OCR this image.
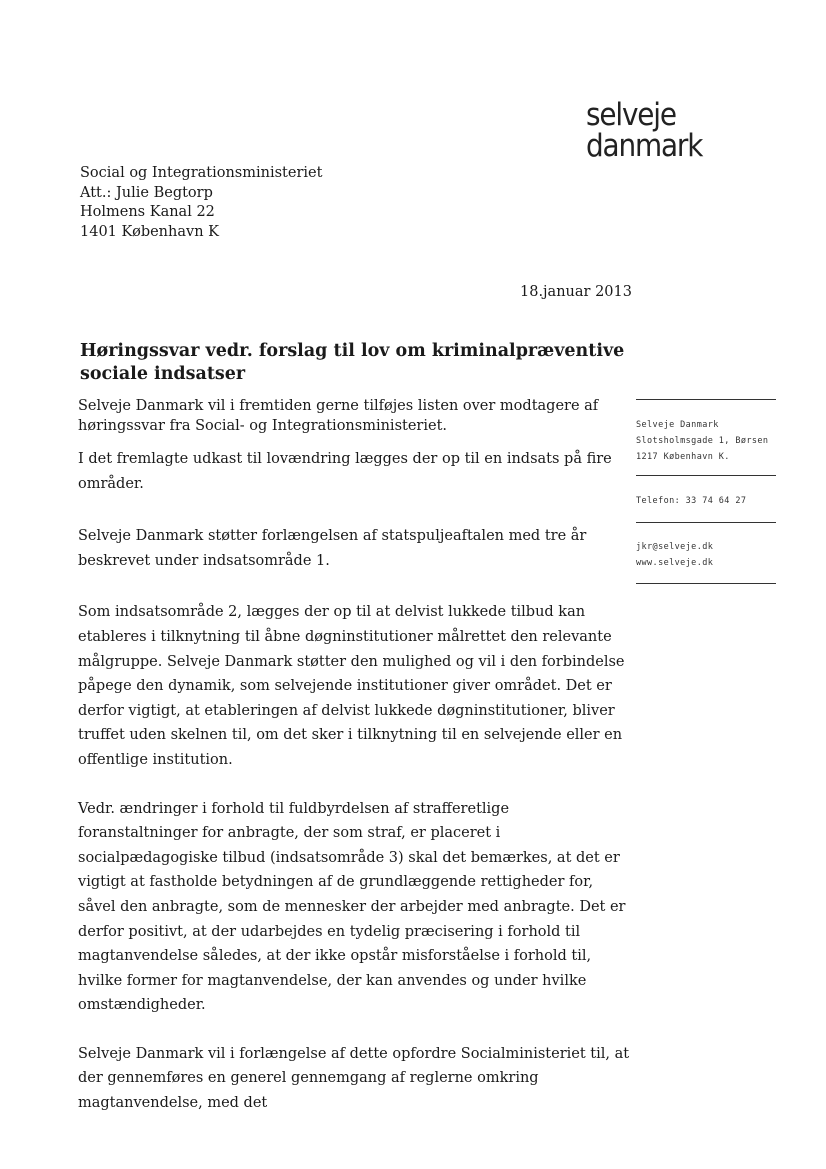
selveje danmark
Social og Integrationsministeriet
Att.: Julie Begtorp
Holmens Kanal 22
1401 København K
18.januar 2013
Høringssvar vedr. forslag til lov om kriminalpræventive sociale indsatser

Selveje Danmark vil i fremtiden gerne tilføjes listen over modtagere af høringssvar fra Social- og Integrationsministeriet.

I det fremlagte udkast til lovændring lægges der op til en indsats på fire områder.

Selveje Danmark støtter forlængelsen af statspuljeaftalen med tre år beskrevet under indsatsområde 1.

Som indsatsområde 2, lægges der op til at delvist lukkede tilbud kan etableres i tilknytning til åbne døgninstitutioner målrettet den relevante målgruppe. Selveje Danmark støtter den mulighed og vil i den forbindelse påpege den dynamik, som selvejende institutioner giver området. Det er derfor vigtigt, at etableringen af delvist lukkede døgninstitutioner, bliver truffet uden skelnen til, om det sker i tilknytning til en selvejende eller en offentlige institution.

Vedr. ændringer i forhold til fuldbyrdelsen af strafferetlige foranstaltninger for anbragte, der som straf, er placeret i socialpædagogiske tilbud (indsatsområde 3) skal det bemærkes, at det er vigtigt at fastholde betydningen af de grundlæggende rettigheder for, såvel den anbragte, som de mennesker der arbejder med anbragte. Det er derfor positivt, at der udarbejdes en tydelig præcisering i forhold til magtanvendelse således, at der ikke opstår misforståelse i forhold til, hvilke former for magtanvendelse, der kan anvendes og under hvilke omstændigheder.

Selveje Danmark vil i forlængelse af dette opfordre Socialministeriet til, at der gennemføres en generel gennemgang af reglerne omkring magtanvendelse, med det

Selveje Danmark
Slotsholmsgade 1, Børsen
1217 København K.
Telefon: 33 74 64 27
jkr@selveje.dk
www.selveje.dk
